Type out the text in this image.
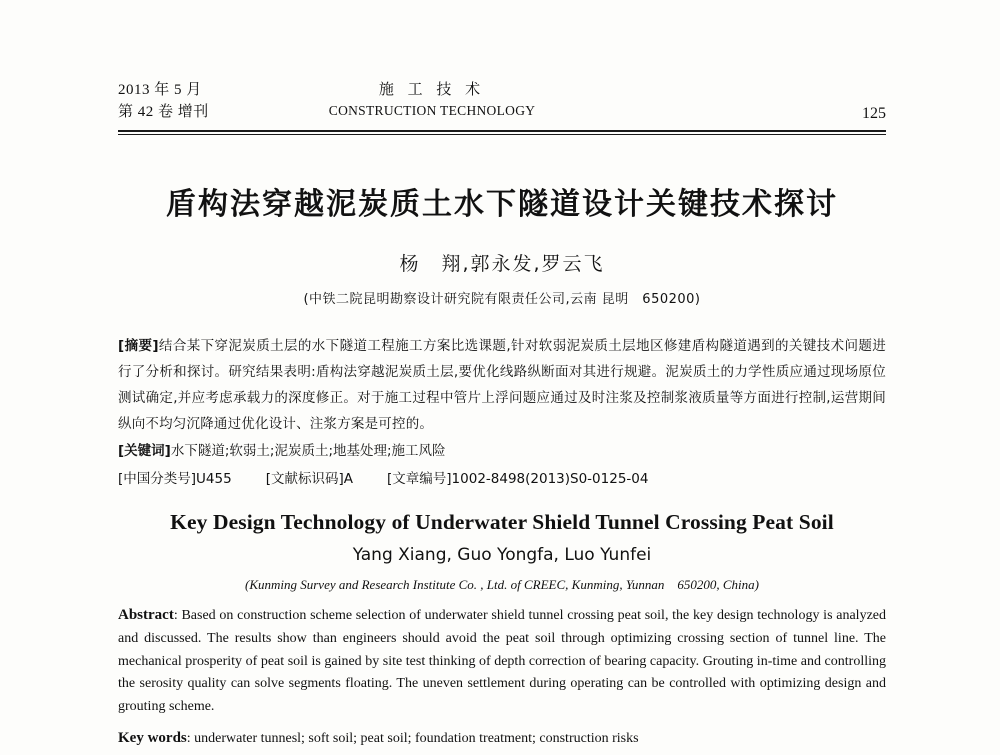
2013 年 5 月
第 42 卷 增刊
施 工 技 术
CONSTRUCTION TECHNOLOGY	125
盾构法穿越泥炭质土水下隧道设计关键技术探讨
杨　翔,郭永发,罗云飞
(中铁二院昆明勘察设计研究院有限责任公司,云南 昆明　650200)
[摘要]结合某下穿泥炭质土层的水下隧道工程施工方案比选课题,针对软弱泥炭质土层地区修建盾构隧道遇到的关键技术问题进行了分析和探讨。研究结果表明:盾构法穿越泥炭质土层,要优化线路纵断面对其进行规避。泥炭质土的力学性质应通过现场原位测试确定,并应考虑承载力的深度修正。对于施工过程中管片上浮问题应通过及时注浆及控制浆液质量等方面进行控制,运营期间纵向不均匀沉降通过优化设计、注浆方案是可控的。
[关键词]水下隧道;软弱土;泥炭质土;地基处理;施工风险
[中国分类号]U455	[文献标识码]A	[文章编号]1002-8498(2013)S0-0125-04
Key Design Technology of Underwater Shield Tunnel Crossing Peat Soil
Yang Xiang, Guo Yongfa, Luo Yunfei
(Kunming Survey and Research Institute Co. , Ltd. of CREEC, Kunming, Yunnan　650200, China)
Abstract: Based on construction scheme selection of underwater shield tunnel crossing peat soil, the key design technology is analyzed and discussed. The results show than engineers should avoid the peat soil through optimizing crossing section of tunnel line. The mechanical prosperity of peat soil is gained by site test thinking of depth correction of bearing capacity. Grouting in-time and controlling the serosity quality can solve segments floating. The uneven settlement during operating can be controlled with optimizing design and grouting scheme.
Key words: underwater tunnesl; soft soil; peat soil; foundation treatment; construction risks
